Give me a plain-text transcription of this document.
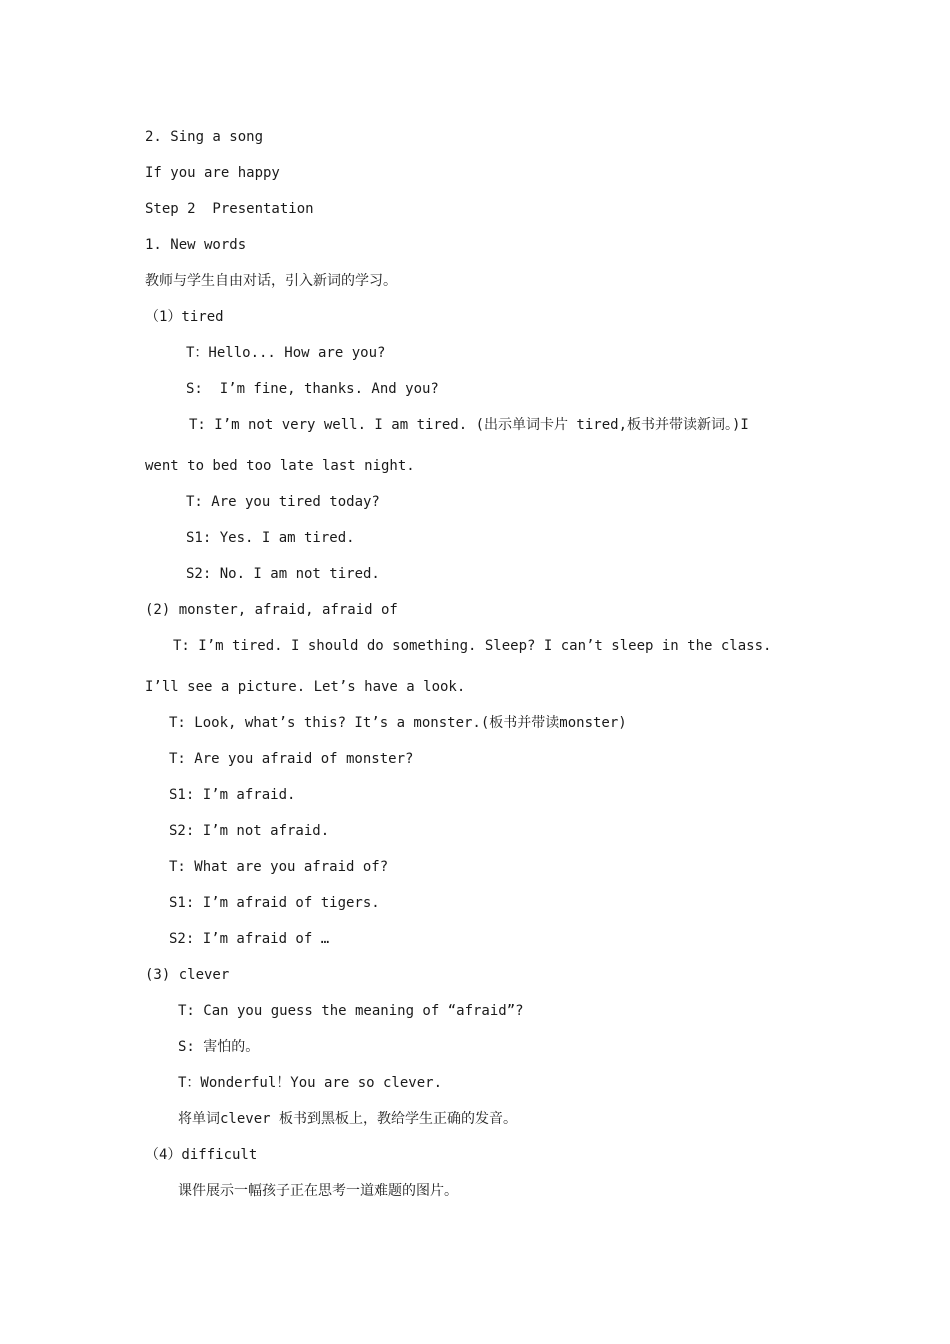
2. Sing a song
If you are happy
Step 2  Presentation
1. New words
教师与学生自由对话，引入新词的学习。
（1）tired
T：Hello... How are you?
S:  I’m fine, thanks. And you?
T: I’m not very well. I am tired. (出示单词卡片 tired,板书并带读新词。)I
went to bed too late last night.
T: Are you tired today?
S1: Yes. I am tired.
S2: No. I am not tired.
(2) monster, afraid, afraid of
T: I’m tired. I should do something. Sleep? I can’t sleep in the class.
I’ll see a picture. Let’s have a look.
T: Look, what’s this? It’s a monster.(板书并带读monster)
T: Are you afraid of monster?
S1: I’m afraid.
S2: I’m not afraid.
T: What are you afraid of?
S1: I’m afraid of tigers.
S2: I’m afraid of …
(3) clever
T: Can you guess the meaning of “afraid”?
S: 害怕的。
T：Wonderful！You are so clever.
将单词clever 板书到黑板上，教给学生正确的发音。
（4）difficult
课件展示一幅孩子正在思考一道难题的图片。
